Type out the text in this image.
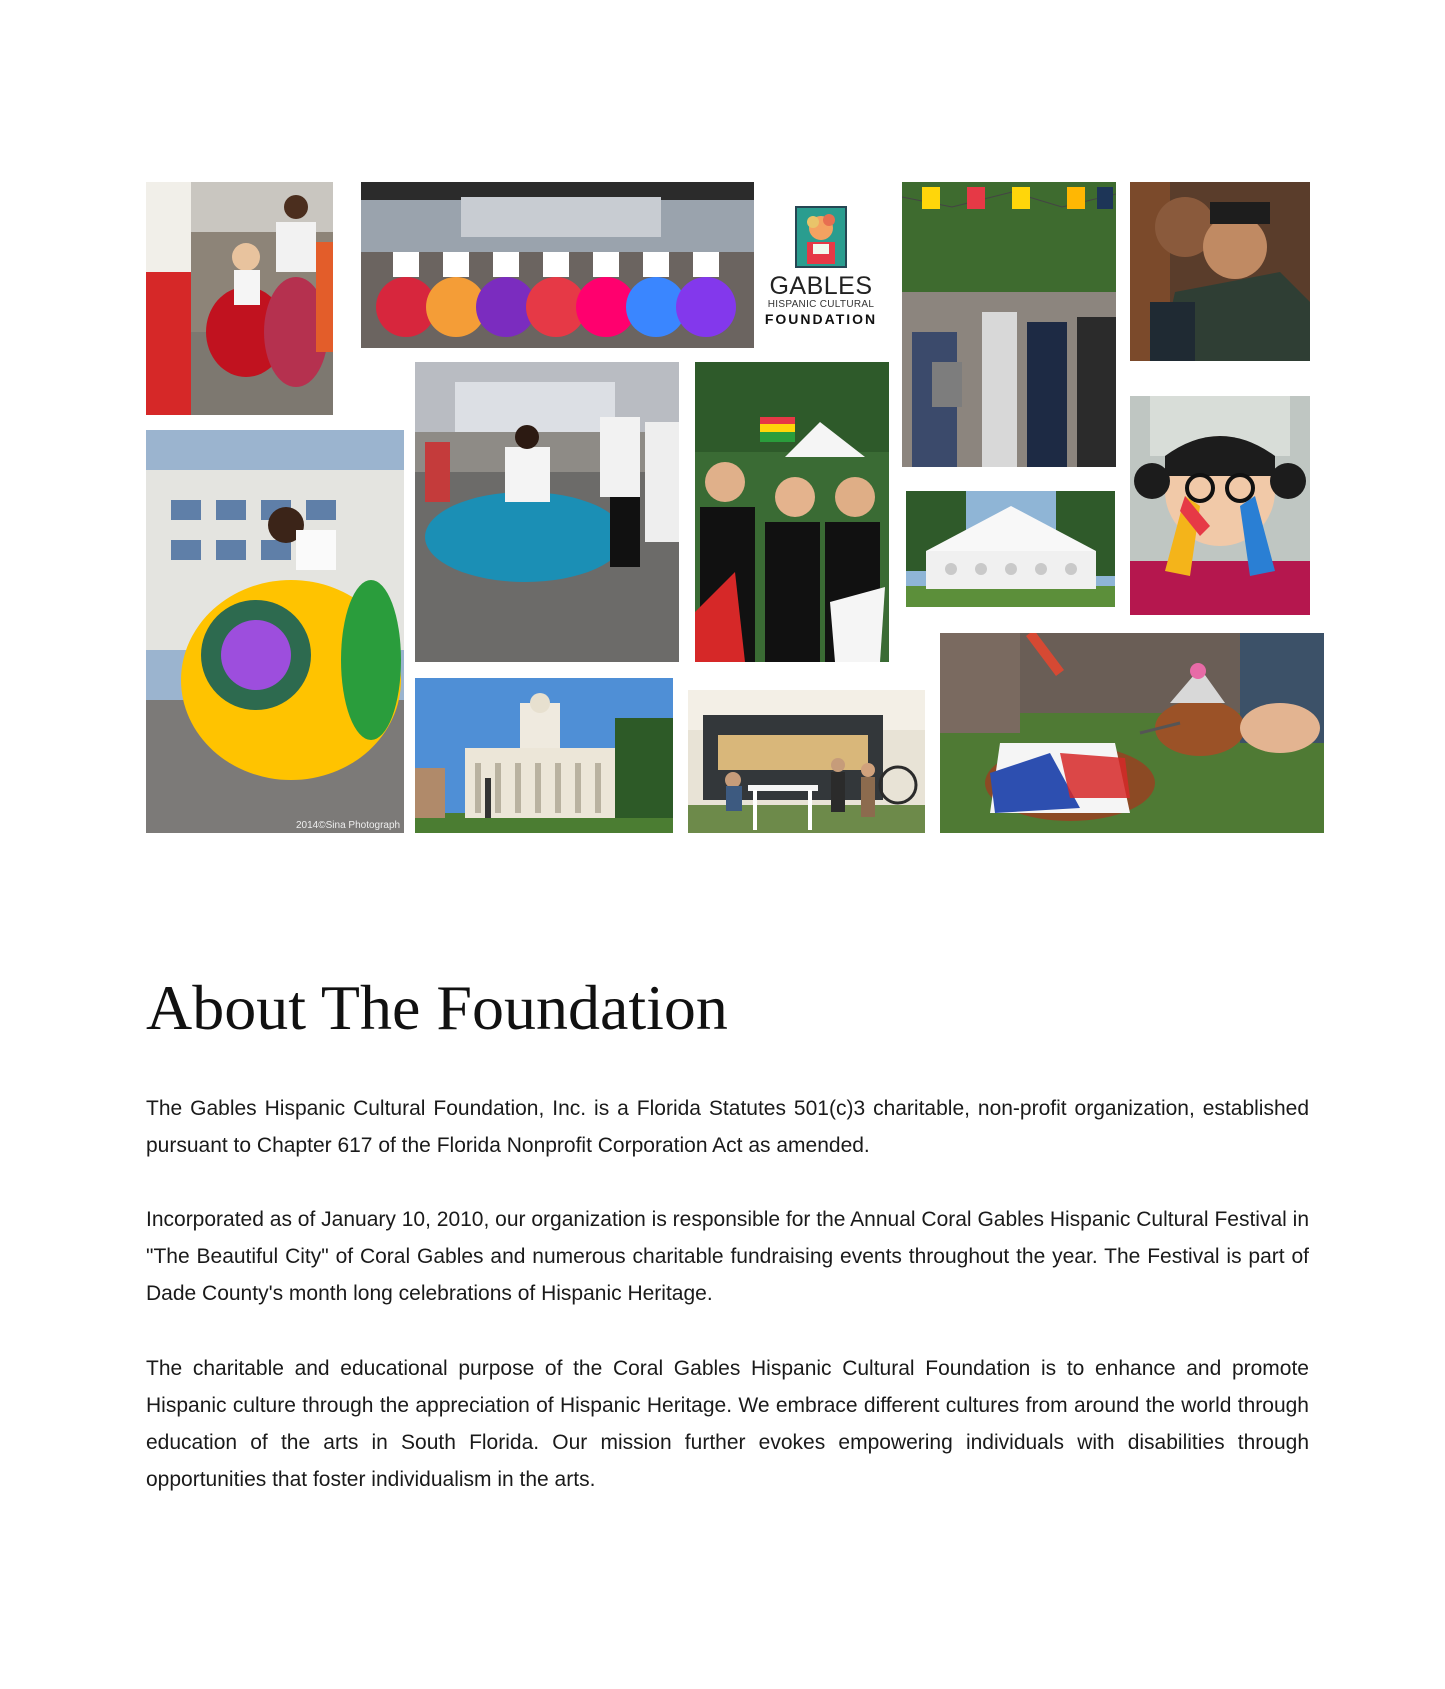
GABLES
HISPANIC CULTURAL
FOUNDATION
2014©Sina Photograph
About The Foundation

The Gables Hispanic Cultural Foundation, Inc. is a Florida Statutes 501(c)3 charitable, non-profit organization, established pursuant to Chapter 617 of the Florida Nonprofit Corporation Act as amended.

Incorporated as of January 10, 2010, our organization is responsible for the Annual Coral Gables Hispanic Cultural Festival in "The Beautiful City" of Coral Gables and numerous charitable fundraising events throughout the year. The Festival is part of Dade County's month long celebrations of Hispanic Heritage.

The charitable and educational purpose of the Coral Gables Hispanic Cultural Foundation is to enhance and promote Hispanic culture through the appreciation of Hispanic Heritage. We embrace different cultures from around the world through education of the arts in South Florida. Our mission further evokes empowering individuals with disabilities through opportunities that foster individualism in the arts.
